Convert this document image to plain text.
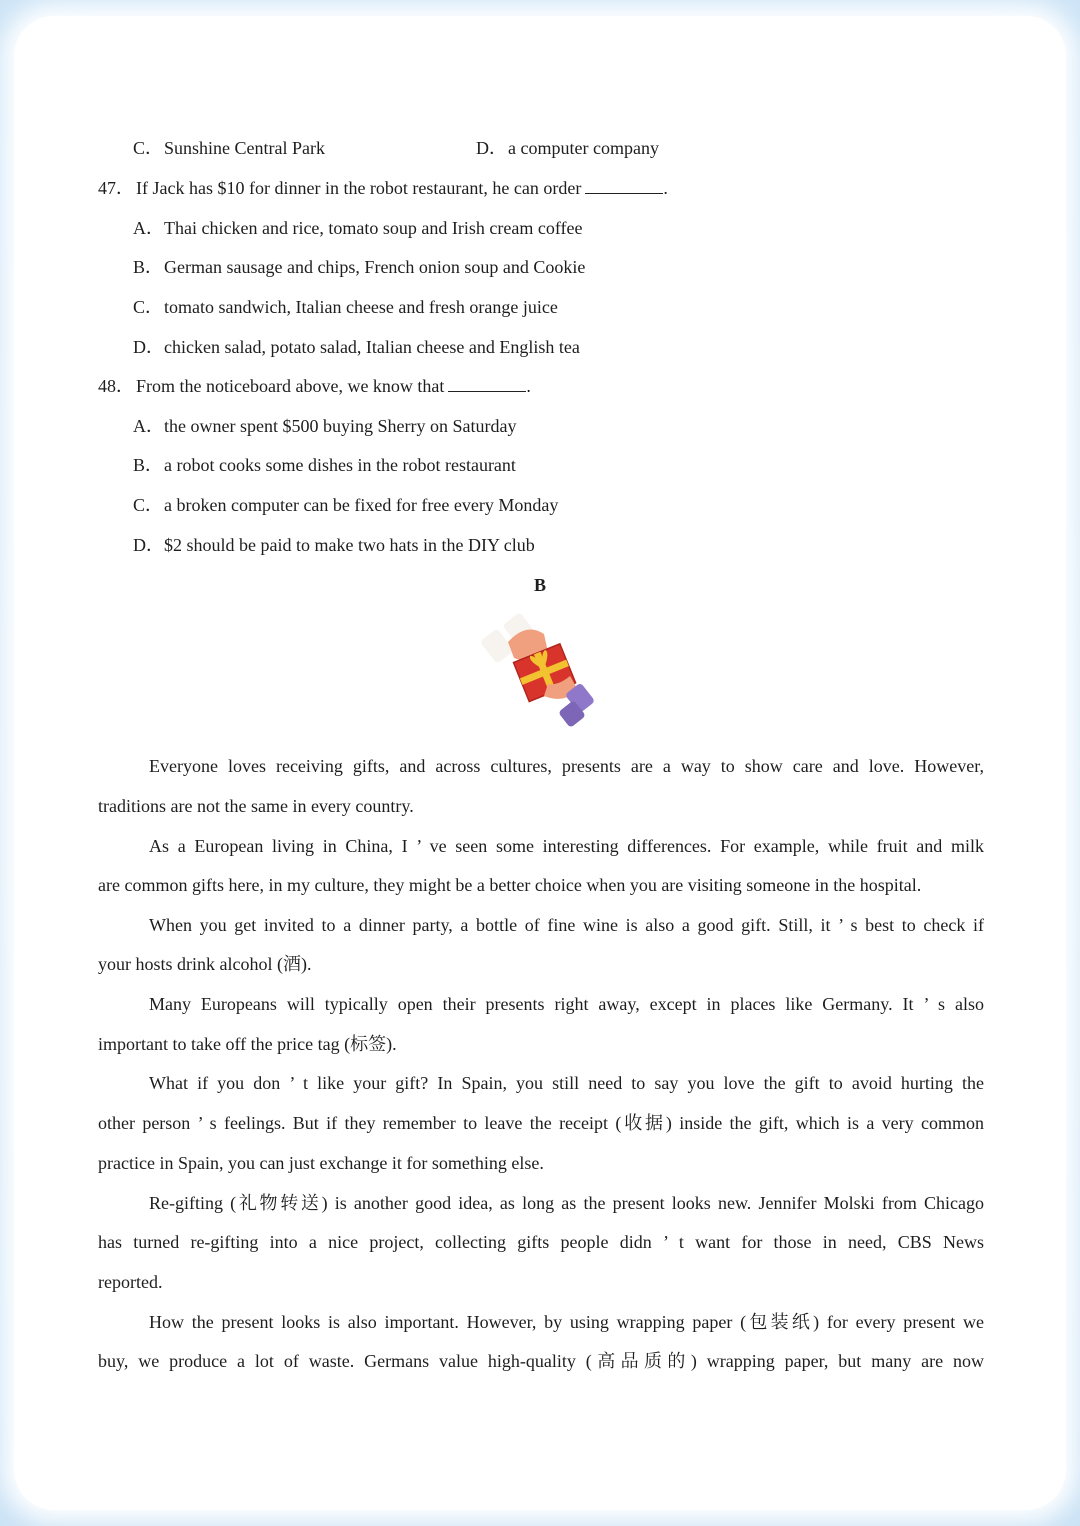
C．Sunshine Central Park	D．a computer company
47． If Jack has $10 for dinner in the robot restaurant, he can order	.
A．Thai chicken and rice, tomato soup and Irish cream coffee
B．German sausage and chips, French onion soup and Cookie
C．tomato sandwich, Italian cheese and fresh orange juice
D．chicken salad, potato salad, Italian cheese and English tea
48． From the noticeboard above, we know that	.
A．the owner spent $500 buying Sherry on Saturday
B．a robot cooks some dishes in the robot restaurant
C．a broken computer can be fixed for free every Monday
D．$2 should be paid to make two hats in the DIY club
B
Everyone loves receiving gifts, and across cultures, presents are a way to show care and love. However,
traditions are not the same in every country.
As a European living in China, I ’ ve seen some interesting differences. For example, while fruit and milk
are common gifts here, in my culture, they might be a better choice when you are visiting someone in the hospital.
When you get invited to a dinner party, a bottle of fine wine is also a good gift. Still, it ’ s best to check if
your hosts drink alcohol (酒).
Many Europeans will typically open their presents right away, except in places like Germany. It ’ s also
important to take off the price tag (标签).
What if you don ’ t like your gift? In Spain, you still need to say you love the gift to avoid hurting the
other person ’ s feelings. But if they remember to leave the receipt (收据) inside the gift, which is a very common
practice in Spain, you can just exchange it for something else.
Re-gifting (礼物转送) is another good idea, as long as the present looks new. Jennifer Molski from Chicago
has turned re-gifting into a nice project, collecting gifts people didn ’ t want for those in need, CBS News
reported.
How the present looks is also important. However, by using wrapping paper (包装纸) for every present we
buy, we produce a lot of waste. Germans value high-quality (高品质的) wrapping paper, but many are now
